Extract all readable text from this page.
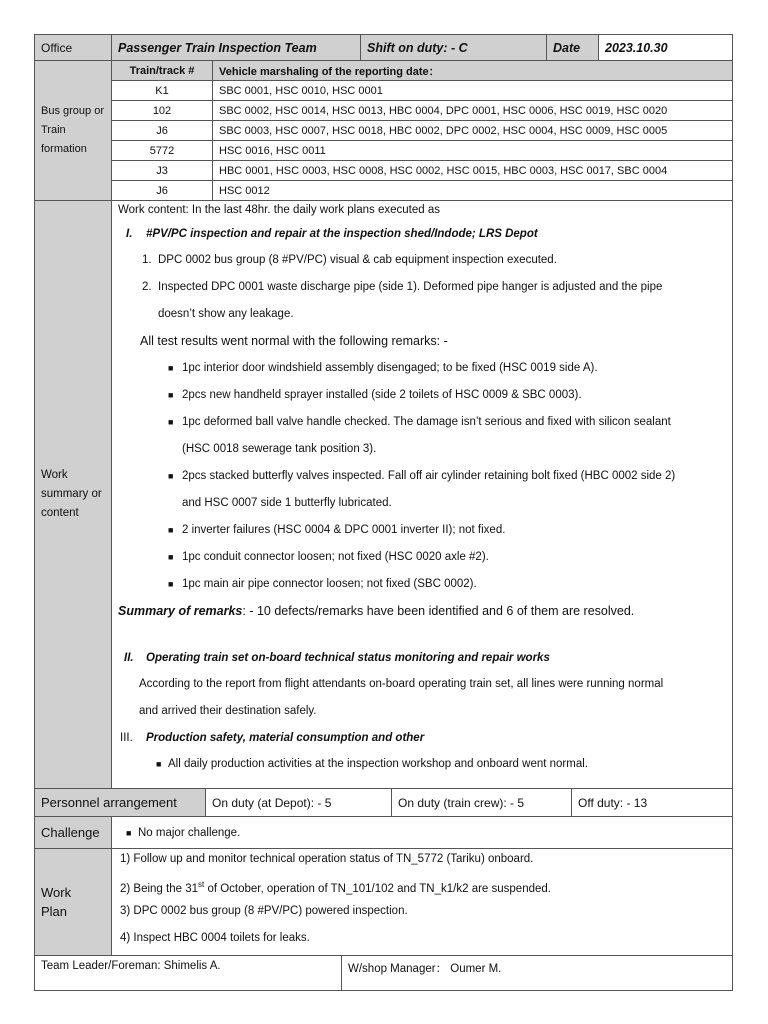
Office	Passenger Train Inspection Team	Shift on duty: - C	Date	2023.10.30
Bus group or Train formation	Train/track #	Vehicle marshaling of the reporting date：
	K1	SBC 0001, HSC 0010, HSC 0001
	102	SBC 0002, HSC 0014, HSC 0013, HBC 0004, DPC 0001, HSC 0006, HSC 0019, HSC 0020
	J6	SBC 0003, HSC 0007, HSC 0018, HBC 0002, DPC 0002, HSC 0004, HSC 0009, HSC 0005
	5772	HSC 0016, HSC 0011
	J3	HBC 0001, HSC 0003, HSC 0008, HSC 0002, HSC 0015, HBC 0003, HSC 0017, SBC 0004
	J6	HSC 0012
Work summary or content	
Work content: In the last 48hr. the daily work plans executed as
I. #PV/PC inspection and repair at the inspection shed/Indode; LRS Depot
1. DPC 0002 bus group (8 #PV/PC) visual & cab equipment inspection executed.
2. Inspected DPC 0001 waste discharge pipe (side 1). Deformed pipe hanger is adjusted and the pipe
doesn’t show any leakage.
All test results went normal with the following remarks: -
■ 1pc interior door windshield assembly disengaged; to be fixed (HSC 0019 side A).
■ 2pcs new handheld sprayer installed (side 2 toilets of HSC 0009 & SBC 0003).
■ 1pc deformed ball valve handle checked. The damage isn’t serious and fixed with silicon sealant
(HSC 0018 sewerage tank position 3).
■ 2pcs stacked butterfly valves inspected. Fall off air cylinder retaining bolt fixed (HBC 0002 side 2)
and HSC 0007 side 1 butterfly lubricated.
■ 2 inverter failures (HSC 0004 & DPC 0001 inverter II); not fixed.
■ 1pc conduit connector loosen; not fixed (HSC 0020 axle #2).
■ 1pc main air pipe connector loosen; not fixed (SBC 0002).
Summary of remarks: - 10 defects/remarks have been identified and 6 of them are resolved.
II. Operating train set on-board technical status monitoring and repair works
According to the report from flight attendants on-board operating train set, all lines were running normal
and arrived their destination safely.
III. Production safety, material consumption and other
■ All daily production activities at the inspection workshop and onboard went normal.
Personnel arrangement	On duty (at Depot): - 5	On duty (train crew): - 5	Off duty: - 13
Challenge	■ No major challenge.
Work Plan	
1) Follow up and monitor technical operation status of TN_5772 (Tariku) onboard.
2) Being the 31st of October, operation of TN_101/102 and TN_k1/k2 are suspended.
3) DPC 0002 bus group (8 #PV/PC) powered inspection.
4) Inspect HBC 0004 toilets for leaks.
Team Leader/Foreman: Shimelis A.	W/shop Manager： Oumer M.
